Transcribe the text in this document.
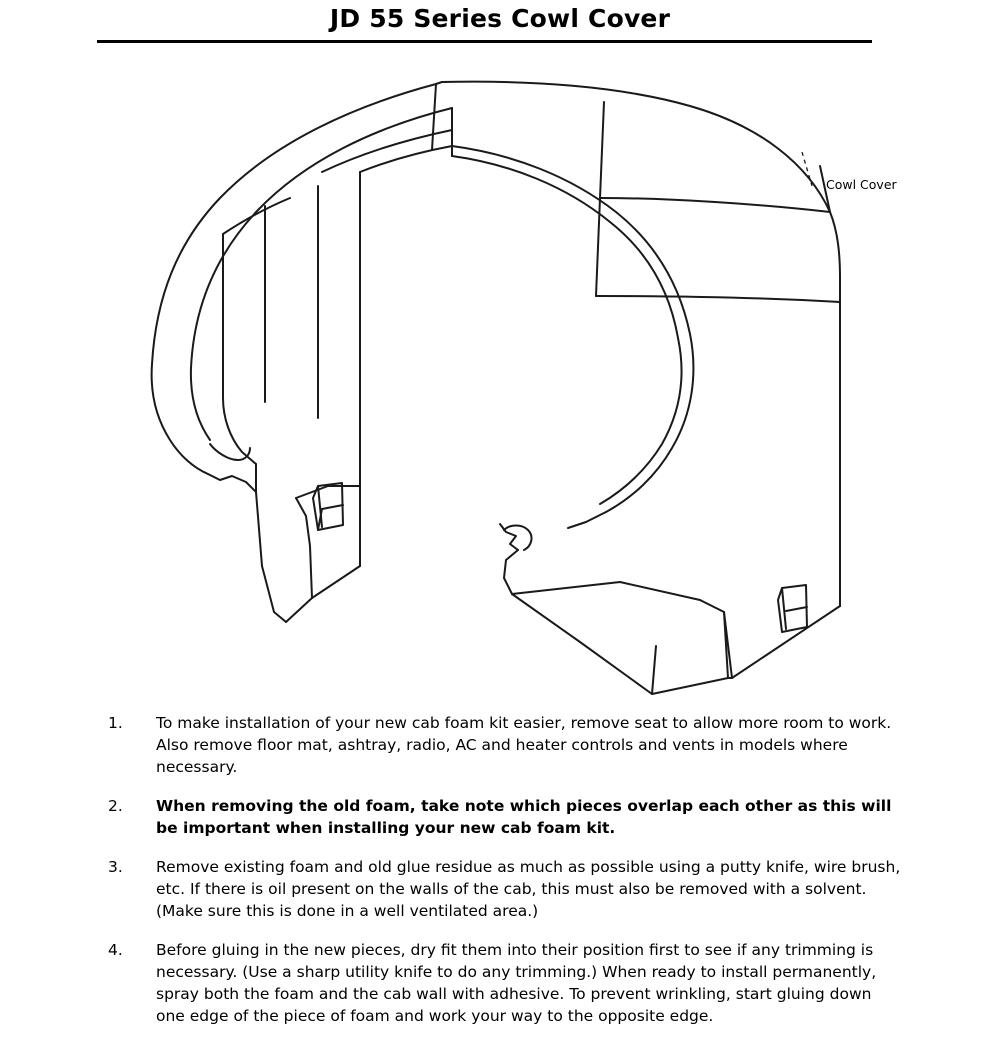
JD 55 Series Cowl Cover
Cowl Cover
1. To make installation of your new cab foam kit easier, remove seat to allow more room to work. Also remove floor mat, ashtray, radio, AC and heater controls and vents in models where necessary.
2. When removing the old foam, take note which pieces overlap each other as this will be important when installing your new cab foam kit.
3. Remove existing foam and old glue residue as much as possible using a putty knife, wire brush, etc. If there is oil present on the walls of the cab, this must also be removed with a solvent. (Make sure this is done in a well ventilated area.)
4. Before gluing in the new pieces, dry fit them into their position first to see if any trimming is necessary. (Use a sharp utility knife to do any trimming.) When ready to install permanently, spray both the foam and the cab wall with adhesive. To prevent wrinkling, start gluing down one edge of the piece of foam and work your way to the opposite edge.
